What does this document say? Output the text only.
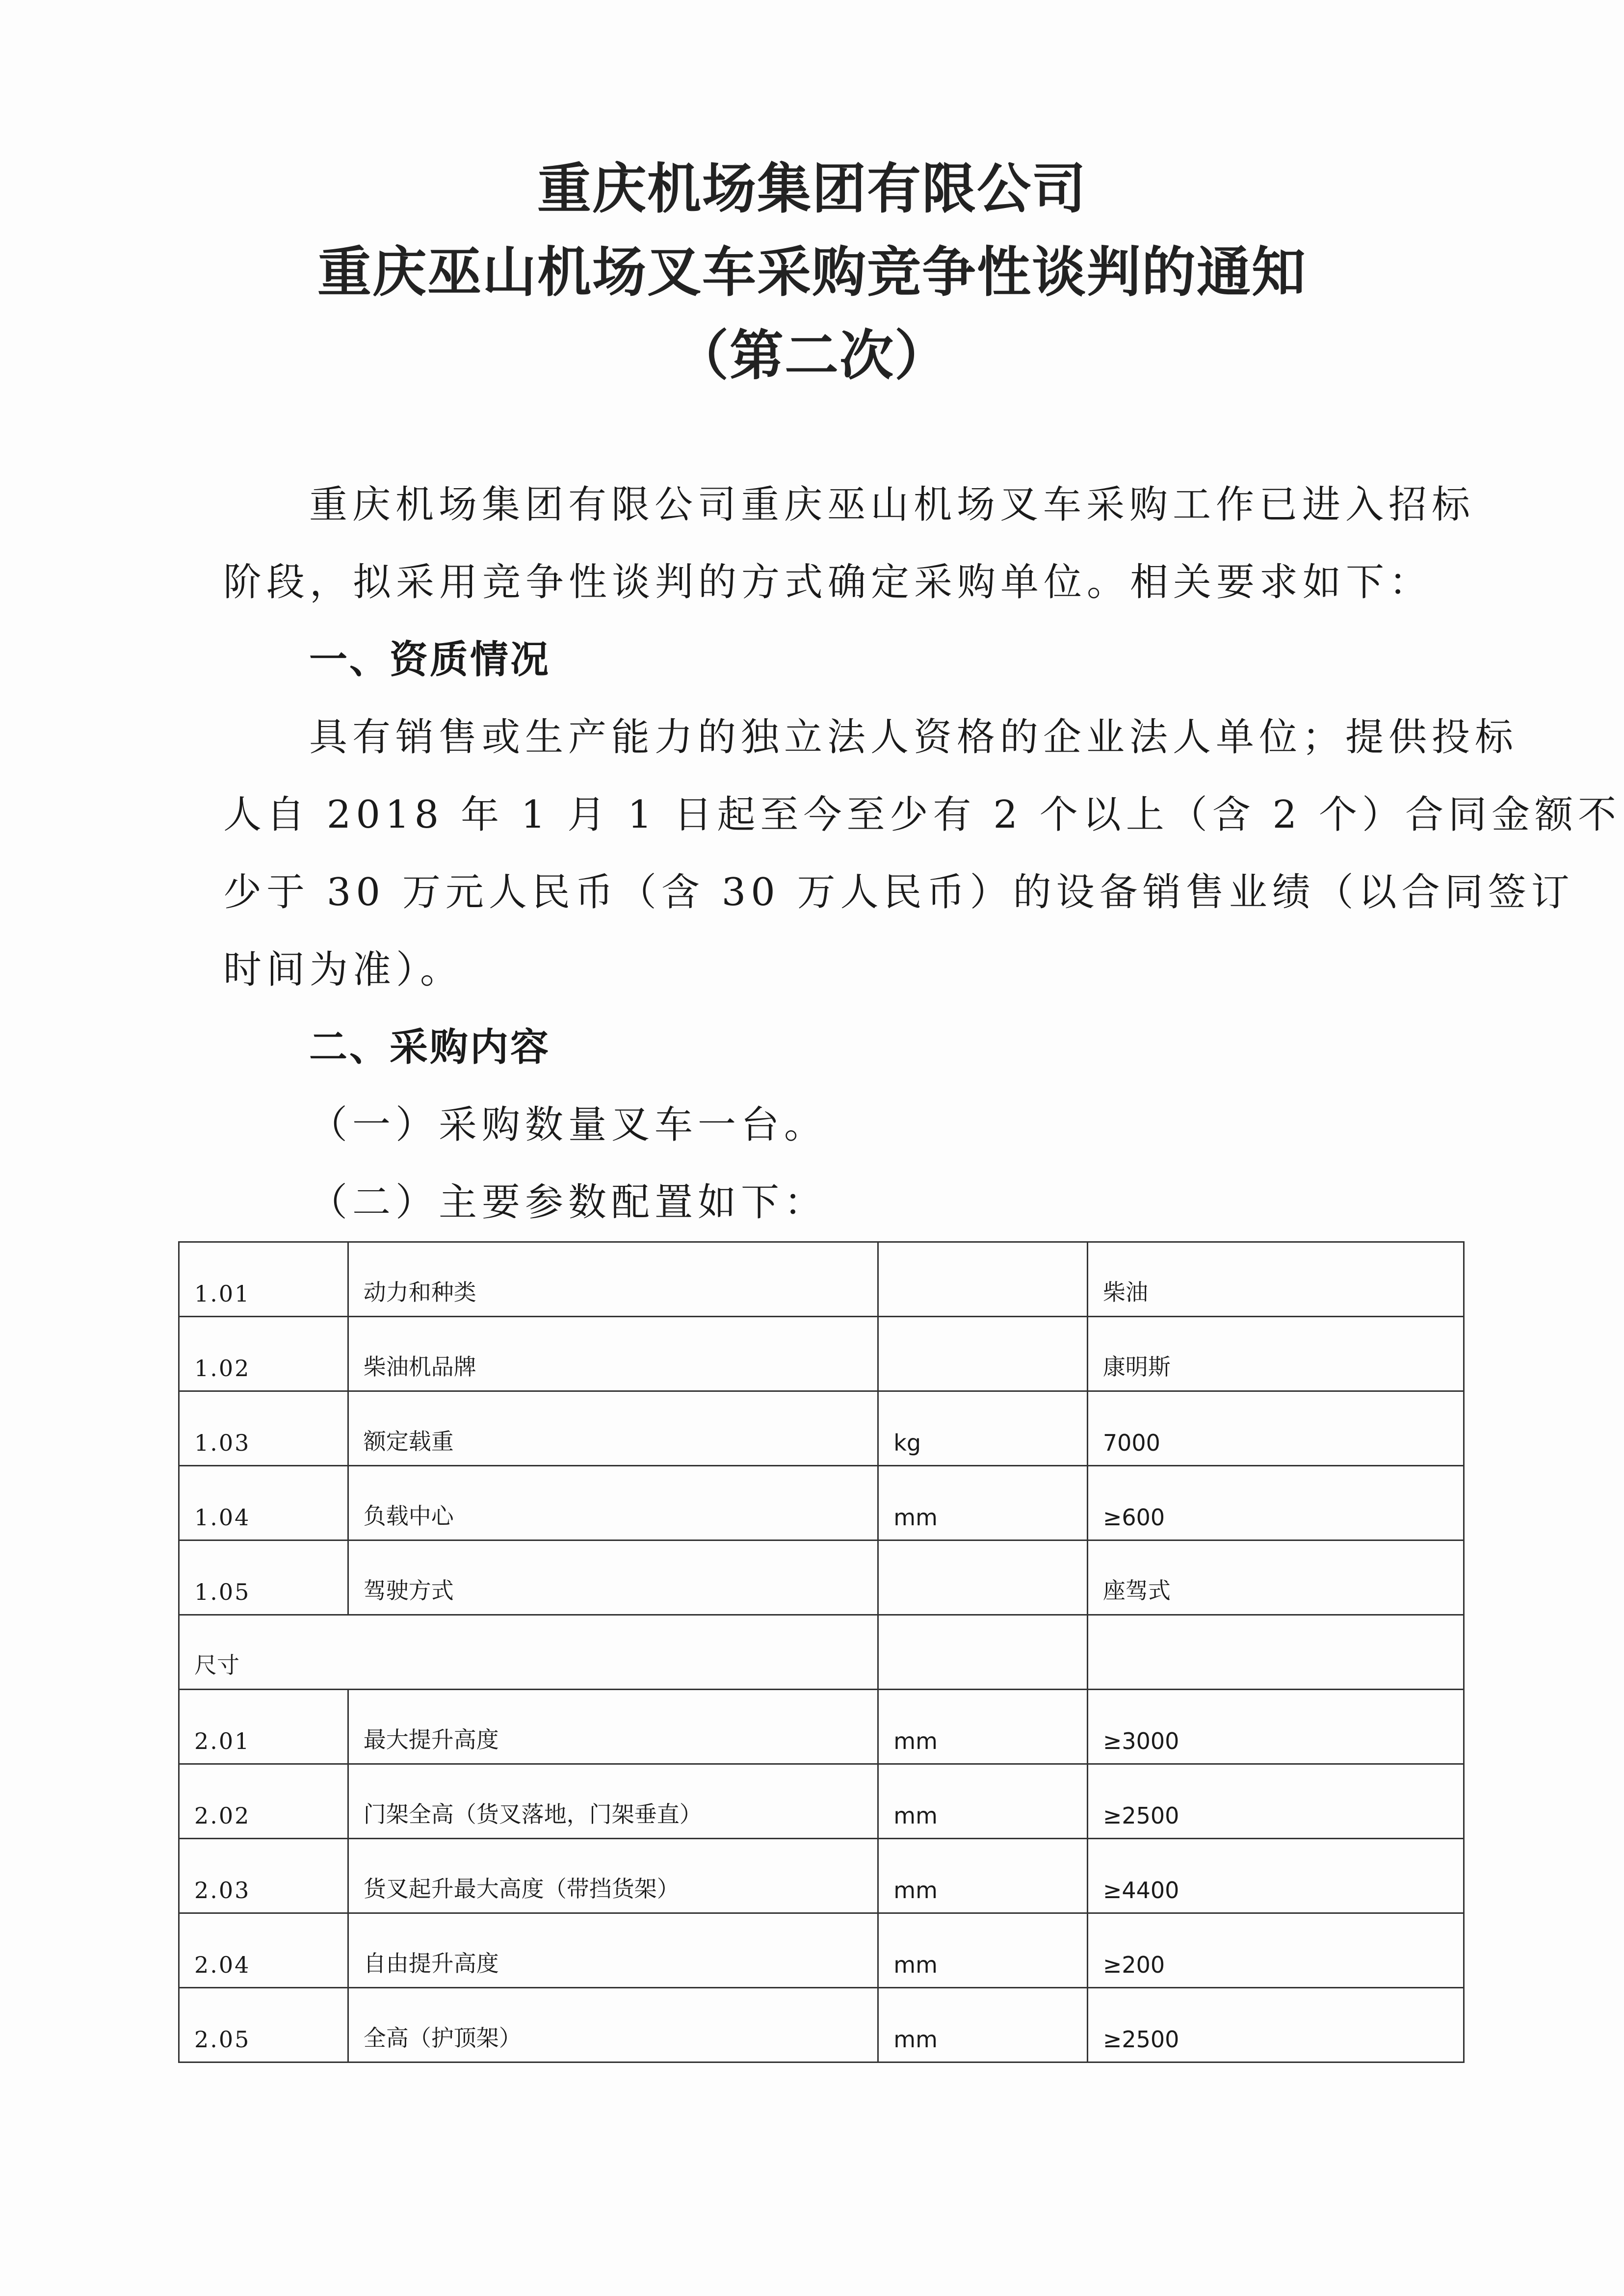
重庆机场集团有限公司
重庆巫山机场叉车采购竞争性谈判的通知
（第二次）
重庆机场集团有限公司重庆巫山机场叉车采购工作已进入招标
阶段，拟采用竞争性谈判的方式确定采购单位。相关要求如下：
一、资质情况
具有销售或生产能力的独立法人资格的企业法人单位；提供投标
人自 2018 年 1 月 1 日起至今至少有 2 个以上（含 2 个）合同金额不
少于 30 万元人民币（含 30 万人民币）的设备销售业绩（以合同签订
时间为准）。
二、采购内容
（一）采购数量叉车一台。
（二）主要参数配置如下：
1.01	动力和种类		柴油
1.02	柴油机品牌		康明斯
1.03	额定载重	kg	7000
1.04	负载中心	mm	≥600
1.05	驾驶方式		座驾式
尺寸			
2.01	最大提升高度	mm	≥3000
2.02	门架全高（货叉落地，门架垂直）	mm	≥2500
2.03	货叉起升最大高度（带挡货架）	mm	≥4400
2.04	自由提升高度	mm	≥200
2.05	全高（护顶架）	mm	≥2500
